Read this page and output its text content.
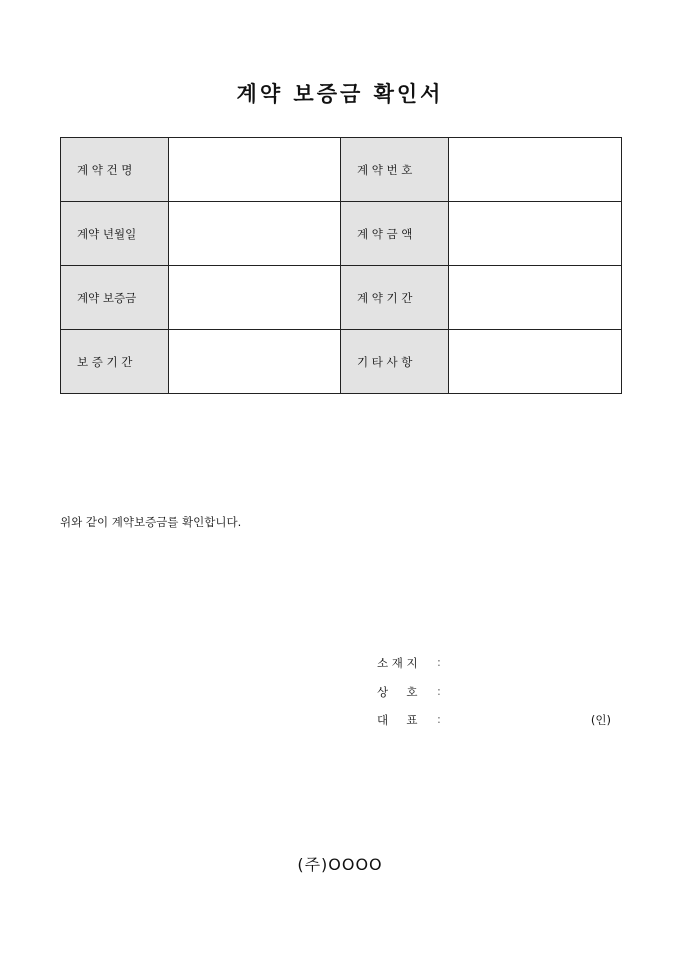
계약 보증금 확인서
계 약 건 명		계 약 번 호	
계약 년월일		계 약 금 액	
계약 보증금		계 약 기 간	
보 증 기 간		기 타 사 항	
위와 같이 계약보증금를 확인합니다.
소 재 지 :
상     호 :
대     표 :	(인)
(주)OOOO
